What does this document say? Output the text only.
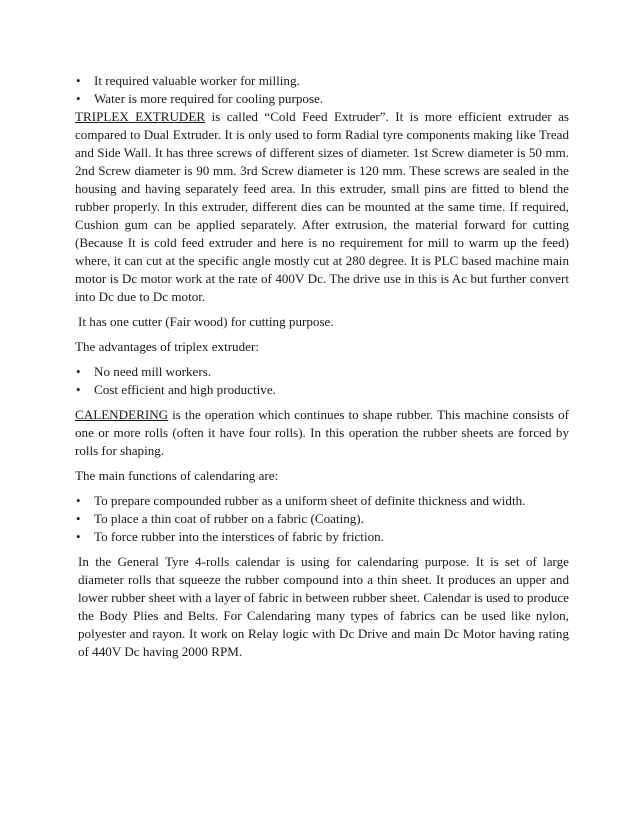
• It required valuable worker for milling.
• Water is more required for cooling purpose.

TRIPLEX EXTRUDER is called “Cold Feed Extruder”. It is more efficient extruder as compared to Dual Extruder. It is only used to form Radial tyre components making like Tread and Side Wall. It has three screws of different sizes of diameter. 1st Screw diameter is 50 mm. 2nd Screw diameter is 90 mm. 3rd Screw diameter is 120 mm. These screws are sealed in the housing and having separately feed area. In this extruder, small pins are fitted to blend the rubber properly. In this extruder, different dies can be mounted at the same time. If required, Cushion gum can be applied separately. After extrusion, the material forward for cutting (Because It is cold feed extruder and here is no requirement for mill to warm up the feed) where, it can cut at the specific angle mostly cut at 280 degree. It is PLC based machine main motor is Dc motor work at the rate of 400V Dc. The drive use in this is Ac but further convert into Dc due to Dc motor.

It has one cutter (Fair wood) for cutting purpose.

The advantages of triplex extruder:

• No need mill workers.
• Cost efficient and high productive.

CALENDERING is the operation which continues to shape rubber. This machine consists of one or more rolls (often it have four rolls). In this operation the rubber sheets are forced by rolls for shaping.

The main functions of calendaring are:

• To prepare compounded rubber as a uniform sheet of definite thickness and width.
• To place a thin coat of rubber on a fabric (Coating).
• To force rubber into the interstices of fabric by friction.

In the General Tyre 4-rolls calendar is using for calendaring purpose. It is set of large diameter rolls that squeeze the rubber compound into a thin sheet. It produces an upper and lower rubber sheet with a layer of fabric in between rubber sheet. Calendar is used to produce the Body Plies and Belts. For Calendaring many types of fabrics can be used like nylon, polyester and rayon. It work on Relay logic with Dc Drive and main Dc Motor having rating of 440V Dc having 2000 RPM.
